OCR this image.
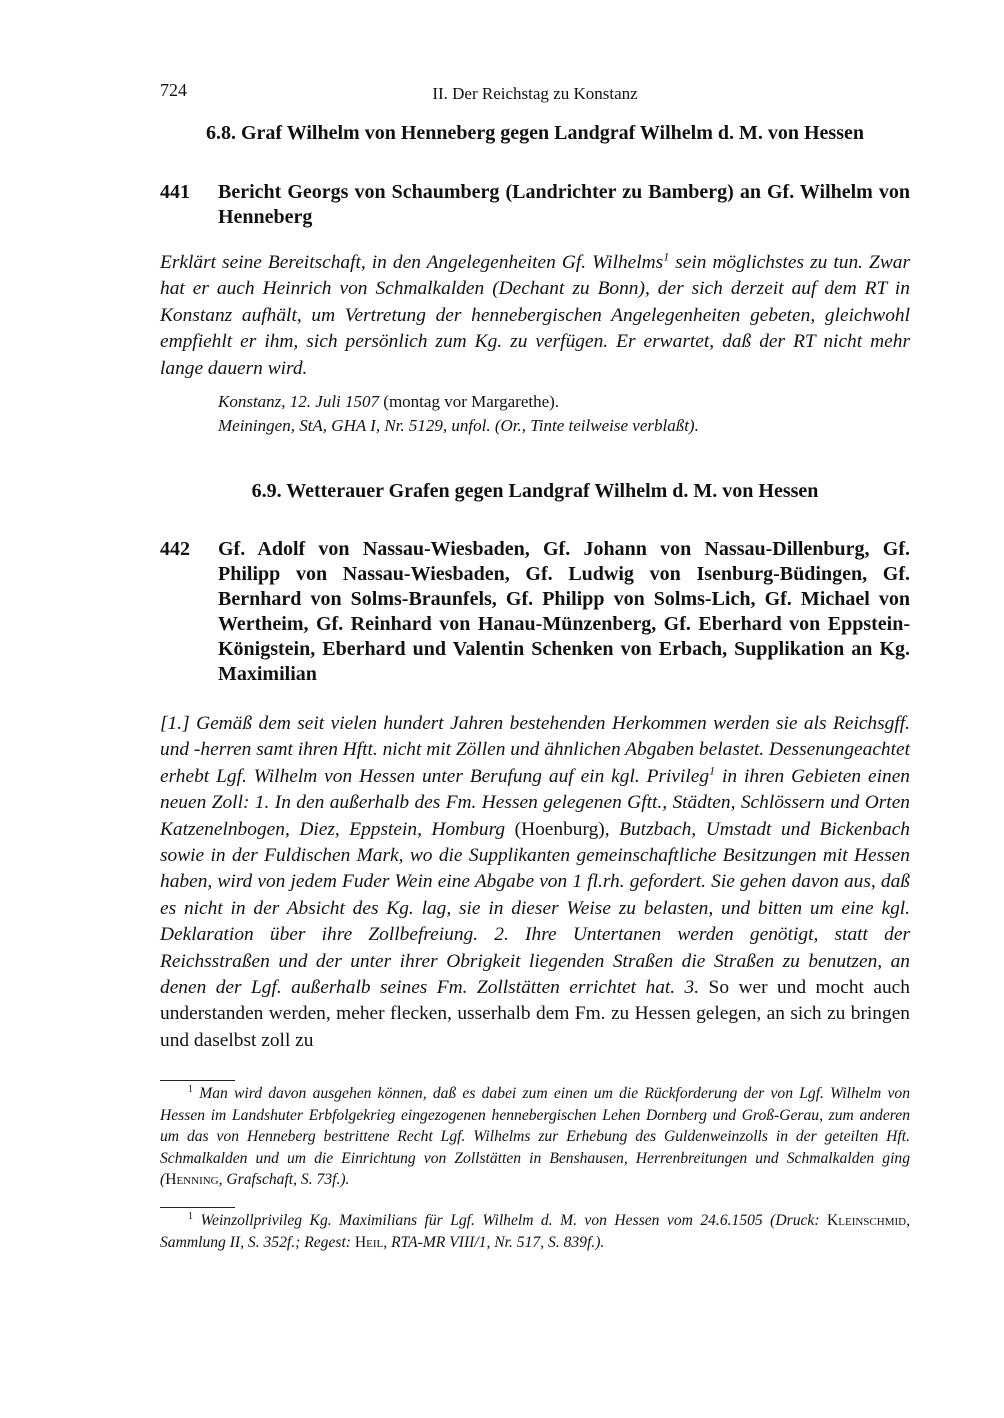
724	II. Der Reichstag zu Konstanz
6.8. Graf Wilhelm von Henneberg gegen Landgraf Wilhelm d. M. von Hessen
441 Bericht Georgs von Schaumberg (Landrichter zu Bamberg) an Gf. Wilhelm von Henneberg
Erklärt seine Bereitschaft, in den Angelegenheiten Gf. Wilhelms$^1$ sein möglichstes zu tun. Zwar hat er auch Heinrich von Schmalkalden (Dechant zu Bonn), der sich derzeit auf dem RT in Konstanz aufhält, um Vertretung der hennebergischen Angelegenheiten gebeten, gleichwohl empfiehlt er ihm, sich persönlich zum Kg. zu verfügen. Er erwartet, daß der RT nicht mehr lange dauern wird.
Konstanz, 12. Juli 1507 (montag vor Margarethe).
Meiningen, StA, GHA I, Nr. 5129, unfol. (Or., Tinte teilweise verblaßt).
6.9. Wetterauer Grafen gegen Landgraf Wilhelm d. M. von Hessen
442 Gf. Adolf von Nassau-Wiesbaden, Gf. Johann von Nassau-Dillenburg, Gf. Philipp von Nassau-Wiesbaden, Gf. Ludwig von Isenburg-Büdingen, Gf. Bernhard von Solms-Braunfels, Gf. Philipp von Solms-Lich, Gf. Michael von Wertheim, Gf. Reinhard von Hanau-Münzenberg, Gf. Eberhard von Eppstein-Königstein, Eberhard und Valentin Schenken von Erbach, Supplikation an Kg. Maximilian
[1.] Gemäß dem seit vielen hundert Jahren bestehenden Herkommen werden sie als Reichsgff. und -herren samt ihren Hftt. nicht mit Zöllen und ähnlichen Abgaben belastet. Dessenungeachtet erhebt Lgf. Wilhelm von Hessen unter Berufung auf ein kgl. Privileg$^1$ in ihren Gebieten einen neuen Zoll: 1. In den außerhalb des Fm. Hessen gelegenen Gftt., Städten, Schlössern und Orten Katzenelnbogen, Diez, Eppstein, Homburg (Hoenburg), Butzbach, Umstadt und Bickenbach sowie in der Fuldischen Mark, wo die Supplikanten gemeinschaftliche Besitzungen mit Hessen haben, wird von jedem Fuder Wein eine Abgabe von 1 fl.rh. gefordert. Sie gehen davon aus, daß es nicht in der Absicht des Kg. lag, sie in dieser Weise zu belasten, und bitten um eine kgl. Deklaration über ihre Zollbefreiung. 2. Ihre Untertanen werden genötigt, statt der Reichsstraßen und der unter ihrer Obrigkeit liegenden Straßen die Straßen zu benutzen, an denen der Lgf. außerhalb seines Fm. Zollstätten errichtet hat. 3. So wer und mocht auch understanden werden, meher flecken, usserhalb dem Fm. zu Hessen gelegen, an sich zu bringen und daselbst zoll zu
$^1$ Man wird davon ausgehen können, daß es dabei zum einen um die Rückforderung der von Lgf. Wilhelm von Hessen im Landshuter Erbfolgekrieg eingezogenen hennebergischen Lehen Dornberg und Groß-Gerau, zum anderen um das von Henneberg bestrittene Recht Lgf. Wilhelms zur Erhebung des Guldenweinzolls in der geteilten Hft. Schmalkalden und um die Einrichtung von Zollstätten in Benshausen, Herrenbreitungen und Schmalkalden ging (Henning, Grafschaft, S. 73f.).
$^1$ Weinzollprivileg Kg. Maximilians für Lgf. Wilhelm d. M. von Hessen vom 24.6.1505 (Druck: Kleinschmid, Sammlung II, S. 352f.; Regest: Heil, RTA-MR VIII/1, Nr. 517, S. 839f.).
